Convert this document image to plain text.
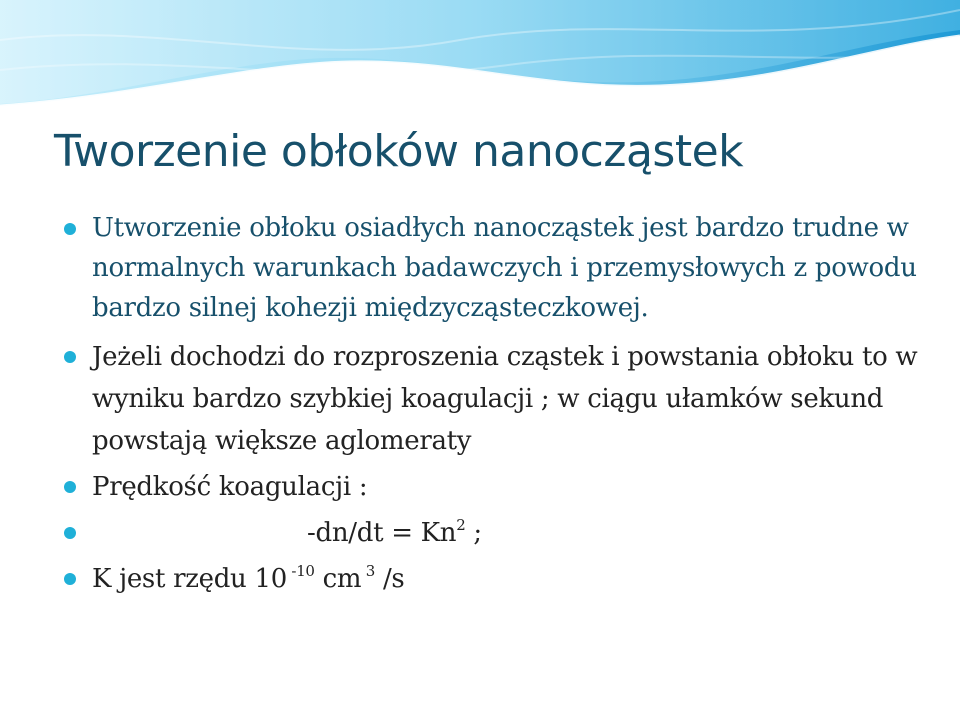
Tworzenie obłoków nanocząstek
Utworzenie obłoku osiadłych nanocząstek jest bardzo trudne w normalnych warunkach badawczych i przemysłowych z powodu bardzo silnej kohezji międzycząsteczkowej.
Jeżeli dochodzi do rozproszenia cząstek i powstania obłoku to w wyniku bardzo szybkiej koagulacji ; w ciągu ułamków sekund powstają większe aglomeraty
Prędkość koagulacji :
$-dn/dt = Kn^2$ ;
K jest rzędu 10 $^{-10}$ cm $^3$ /s
